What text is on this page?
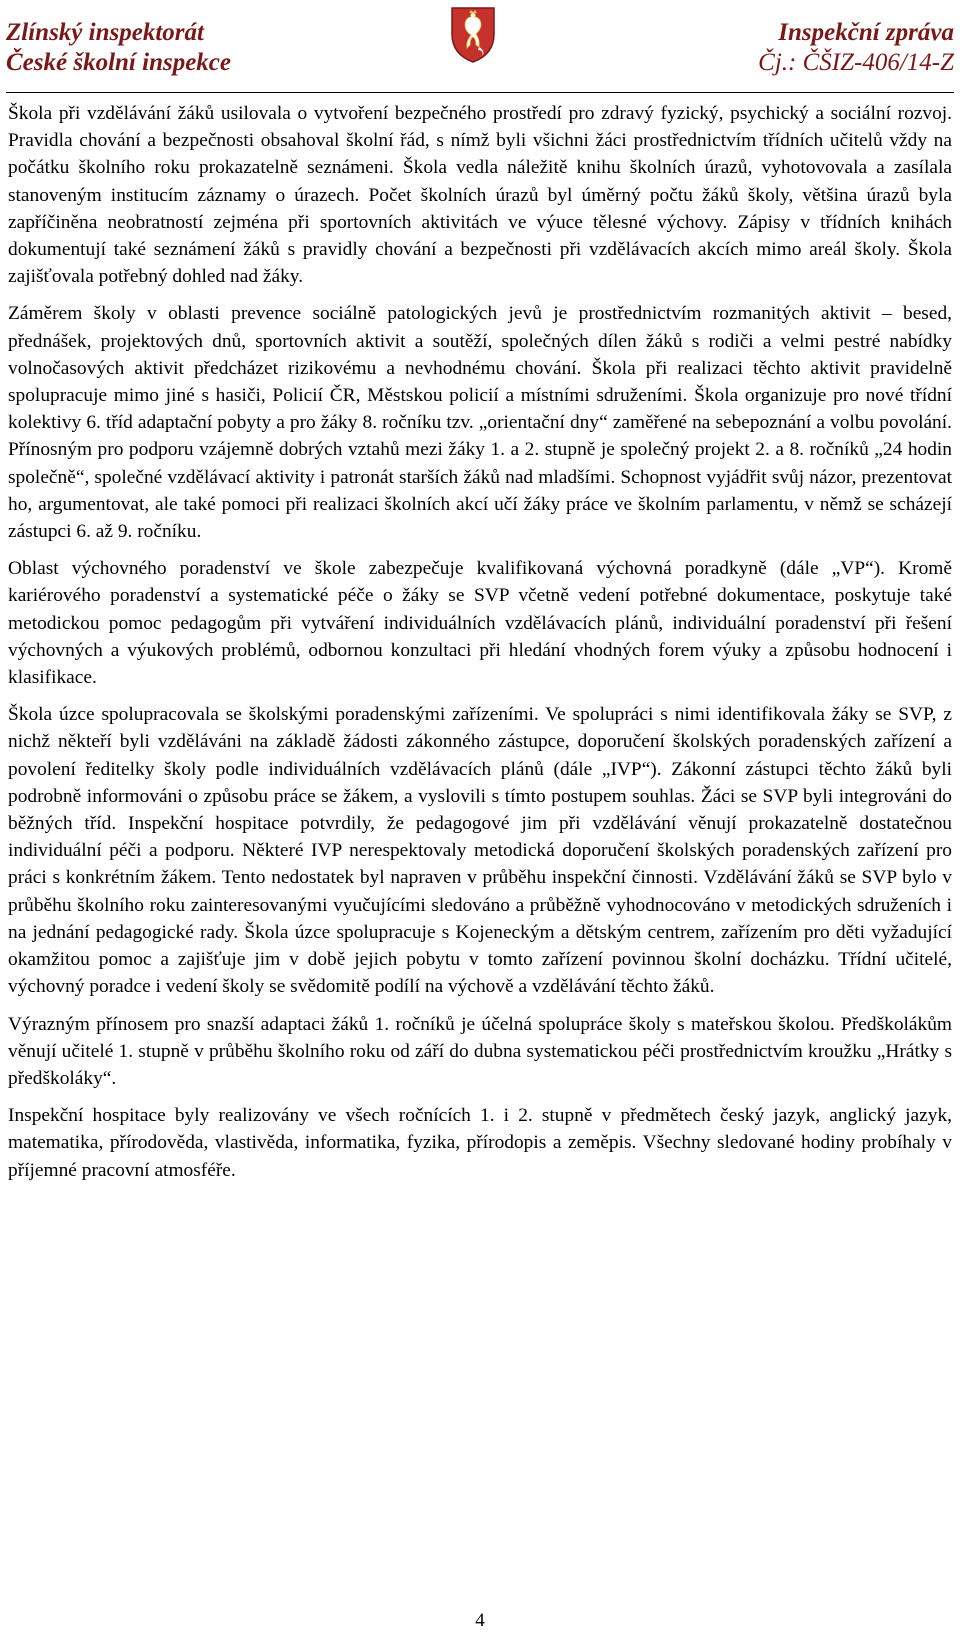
Zlínský inspektorát
České školní inspekce
Inspekční zpráva
Čj.: ČŠIZ-406/14-Z

Škola při vzdělávání žáků usilovala o vytvoření bezpečného prostředí pro zdravý fyzický, psychický a sociální rozvoj. Pravidla chování a bezpečnosti obsahoval školní řád, s nímž byli všichni žáci prostřednictvím třídních učitelů vždy na počátku školního roku prokazatelně seznámeni. Škola vedla náležitě knihu školních úrazů, vyhotovovala a zasílala stanoveným institucím záznamy o úrazech. Počet školních úrazů byl úměrný počtu žáků školy, většina úrazů byla zapříčiněna neobratností zejména při sportovních aktivitách ve výuce tělesné výchovy. Zápisy v třídních knihách dokumentují také seznámení žáků s pravidly chování a bezpečnosti při vzdělávacích akcích mimo areál školy. Škola zajišťovala potřebný dohled nad žáky.

Záměrem školy v oblasti prevence sociálně patologických jevů je prostřednictvím rozmanitých aktivit – besed, přednášek, projektových dnů, sportovních aktivit a soutěží, společných dílen žáků s rodiči a velmi pestré nabídky volnočasových aktivit předcházet rizikovému a nevhodnému chování. Škola při realizaci těchto aktivit pravidelně spolupracuje mimo jiné s hasiči, Policií ČR, Městskou policií a místními sdruženími. Škola organizuje pro nové třídní kolektivy 6. tříd adaptační pobyty a pro žáky 8. ročníku tzv. „orientační dny“ zaměřené na sebepoznání a volbu povolání. Přínosným pro podporu vzájemně dobrých vztahů mezi žáky 1. a 2. stupně je společný projekt 2. a 8. ročníků „24 hodin společně“, společné vzdělávací aktivity i patronát starších žáků nad mladšími. Schopnost vyjádřit svůj názor, prezentovat ho, argumentovat, ale také pomoci při realizaci školních akcí učí žáky práce ve školním parlamentu, v němž se scházejí zástupci 6. až 9. ročníku.

Oblast výchovného poradenství ve škole zabezpečuje kvalifikovaná výchovná poradkyně (dále „VP“). Kromě kariérového poradenství a systematické péče o žáky se SVP včetně vedení potřebné dokumentace, poskytuje také metodickou pomoc pedagogům při vytváření individuálních vzdělávacích plánů, individuální poradenství při řešení výchovných a výukových problémů, odbornou konzultaci při hledání vhodných forem výuky a způsobu hodnocení i klasifikace.

Škola úzce spolupracovala se školskými poradenskými zařízeními. Ve spolupráci s nimi identifikovala žáky se SVP, z nichž někteří byli vzděláváni na základě žádosti zákonného zástupce, doporučení školských poradenských zařízení a povolení ředitelky školy podle individuálních vzdělávacích plánů (dále „IVP“). Zákonní zástupci těchto žáků byli podrobně informováni o způsobu práce se žákem, a vyslovili s tímto postupem souhlas. Žáci se SVP byli integrováni do běžných tříd. Inspekční hospitace potvrdily, že pedagogové jim při vzdělávání věnují prokazatelně dostatečnou individuální péči a podporu. Některé IVP nerespektovaly metodická doporučení školských poradenských zařízení pro práci s konkrétním žákem. Tento nedostatek byl napraven v průběhu inspekční činnosti. Vzdělávání žáků se SVP bylo v průběhu školního roku zainteresovanými vyučujícími sledováno a průběžně vyhodnocováno v metodických sdruženích i na jednání pedagogické rady. Škola úzce spolupracuje s Kojeneckým a dětským centrem, zařízením pro děti vyžadující okamžitou pomoc a zajišťuje jim v době jejich pobytu v tomto zařízení povinnou školní docházku. Třídní učitelé, výchovný poradce i vedení školy se svědomitě podílí na výchově a vzdělávání těchto žáků.

Výrazným přínosem pro snazší adaptaci žáků 1. ročníků je účelná spolupráce školy s mateřskou školou. Předškolákům věnují učitelé 1. stupně v průběhu školního roku od září do dubna systematickou péči prostřednictvím kroužku „Hrátky s předškoláky“.

Inspekční hospitace byly realizovány ve všech ročnících 1. i 2. stupně v předmětech český jazyk, anglický jazyk, matematika, přírodověda, vlastivěda, informatika, fyzika, přírodopis a zeměpis. Všechny sledované hodiny probíhaly v příjemné pracovní atmosféře.

4
